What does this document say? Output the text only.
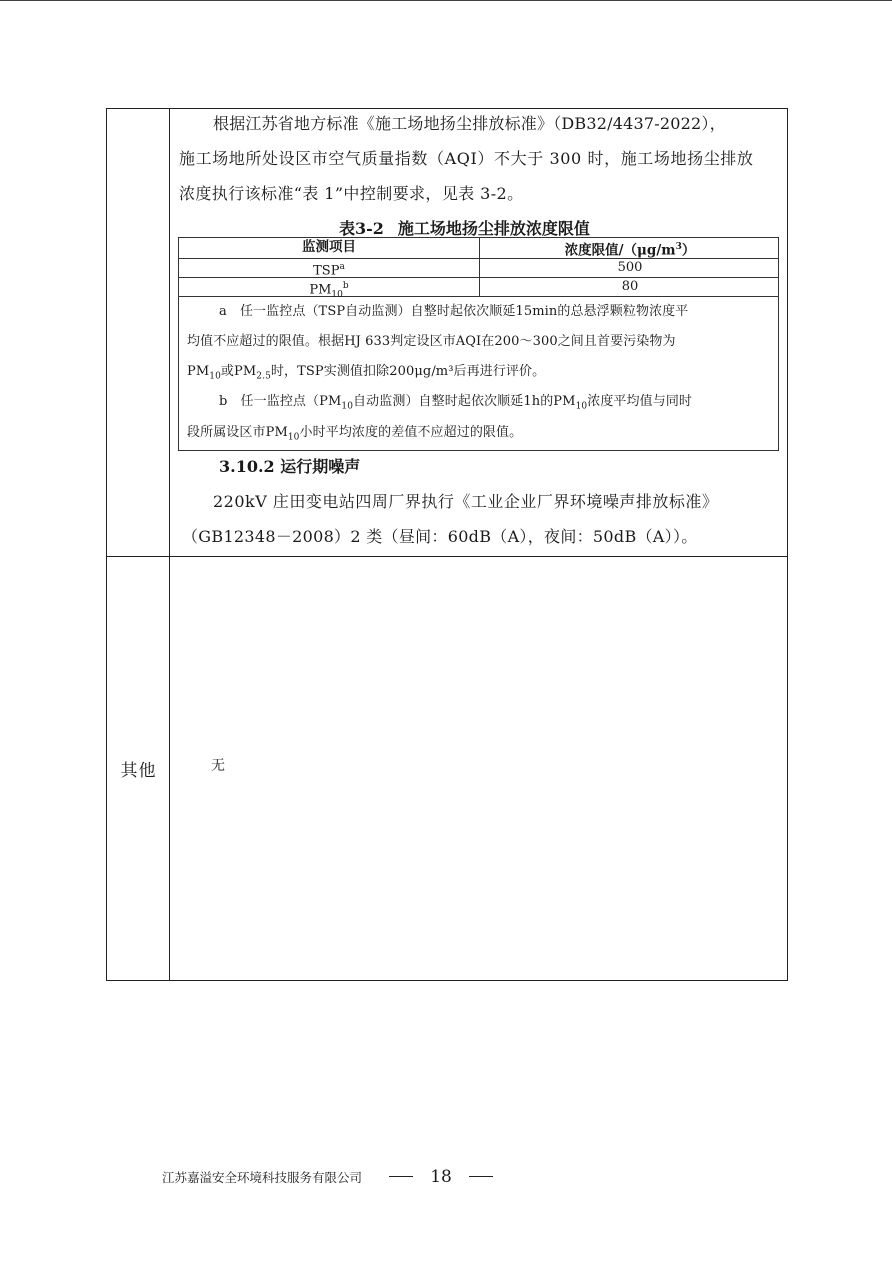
其他
根据江苏省地方标准《施工场地扬尘排放标准》（DB32/4437-2022），
施工场地所处设区市空气质量指数（AQI）不大于 300 时，施工场地扬尘排放
浓度执行该标准“表 1”中控制要求，见表 3-2。
表3-2 施工场地扬尘排放浓度限值
监测项目	浓度限值$/(\mu g/m^3)$
TSP$^a$	500
$PM_{10}^b$	80
a　任一监控点（TSP自动监测）自整时起依次顺延15min的总悬浮颗粒物浓度平
均值不应超过的限值。根据HJ 633判定设区市AQI在200～300之间且首要污染物为
$PM_{10}$或$PM_{2.5}$时，TSP实测值扣除200μg/m³后再进行评价。
b　任一监控点（$PM_{10}$自动监测）自整时起依次顺延1h的$PM_{10}$浓度平均值与同时
段所属设区市$PM_{10}$小时平均浓度的差值不应超过的限值。
3.10.2 运行期噪声
220kV 庄田变电站四周厂界执行《工业企业厂界环境噪声排放标准》
（GB12348－2008）2 类（昼间：60dB（A），夜间：50dB（A））。
无
江苏嘉溢安全环境科技服务有限公司	18
